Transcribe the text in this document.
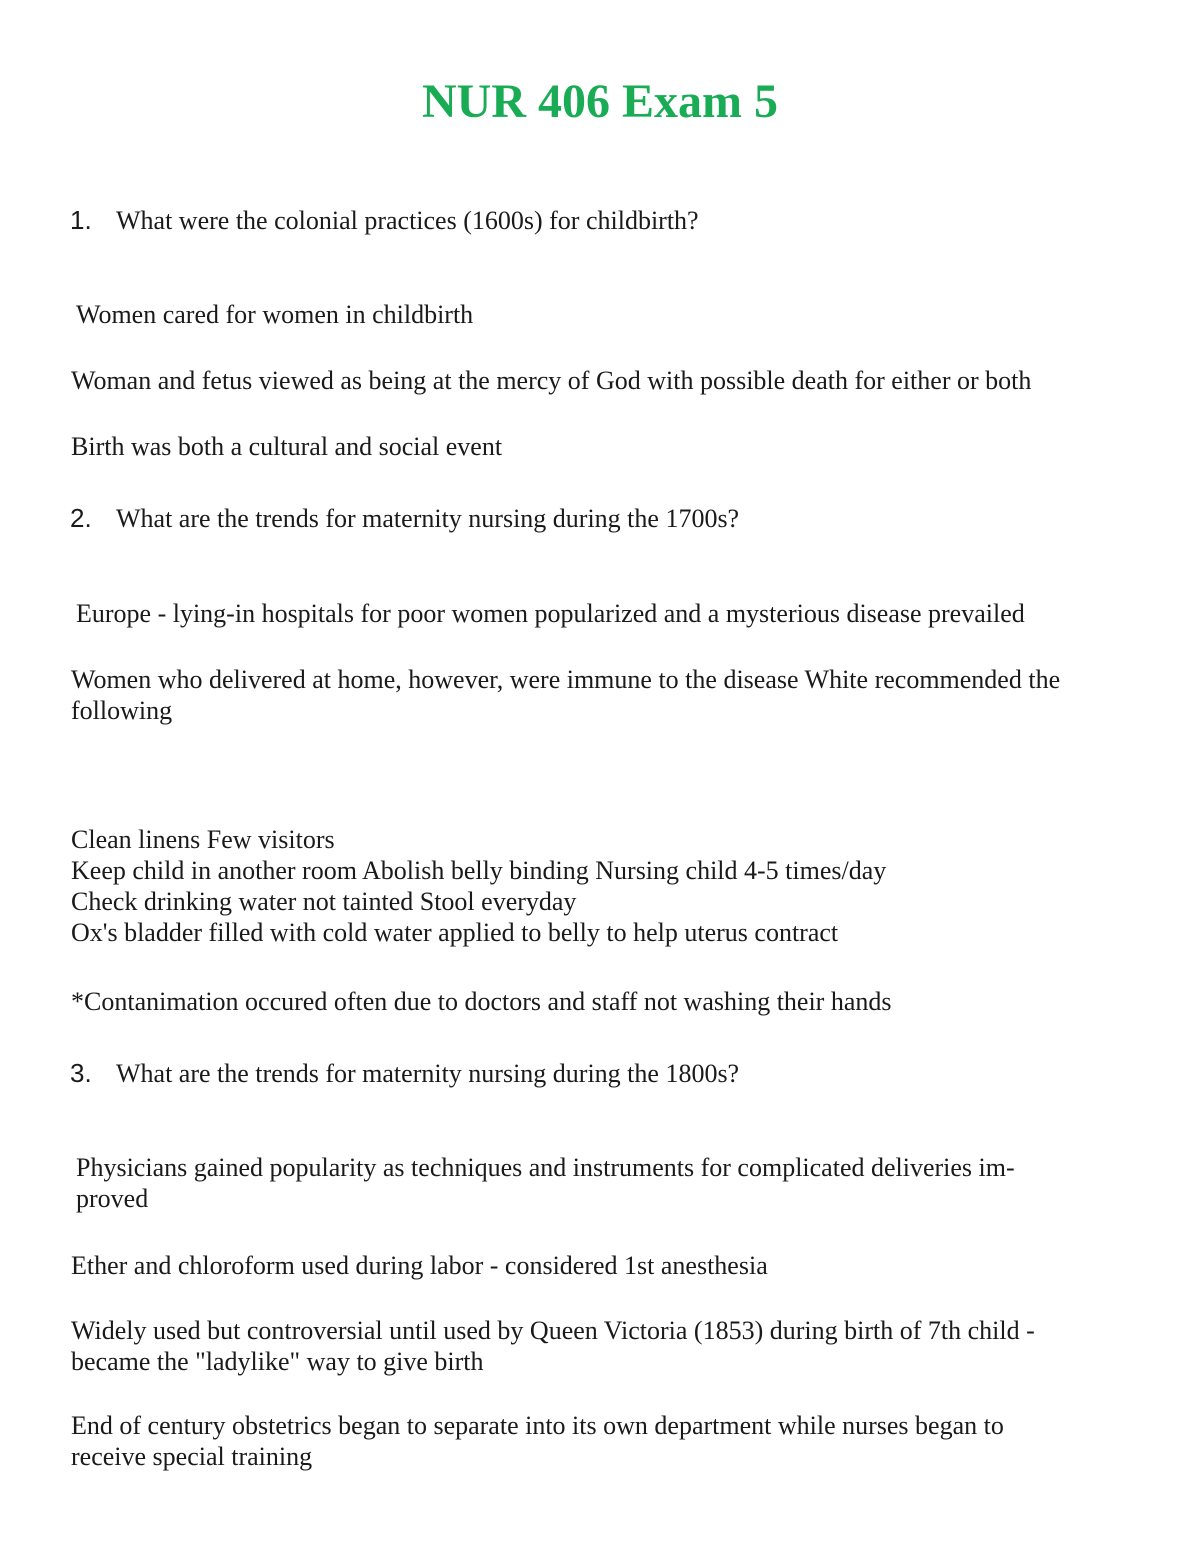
NUR 406 Exam 5
1. What were the colonial practices (1600s) for childbirth?

Women cared for women in childbirth

Woman and fetus viewed as being at the mercy of God with possible death for either or both

Birth was both a cultural and social event

2. What are the trends for maternity nursing during the 1700s?

Europe - lying-in hospitals for poor women popularized and a mysterious disease prevailed

Women who delivered at home, however, were immune to the disease White recommended the following

Clean linens Few visitors
Keep child in another room Abolish belly binding Nursing child 4-5 times/day
Check drinking water not tainted Stool everyday
Ox's bladder filled with cold water applied to belly to help uterus contract

*Contanimation occured often due to doctors and staff not washing their hands

3. What are the trends for maternity nursing during the 1800s?

Physicians gained popularity as techniques and instruments for complicated deliveries im- proved

Ether and chloroform used during labor - considered 1st anesthesia

Widely used but controversial until used by Queen Victoria (1853) during birth of 7th child - became the "ladylike" way to give birth

End of century obstetrics began to separate into its own department while nurses began to receive special training
